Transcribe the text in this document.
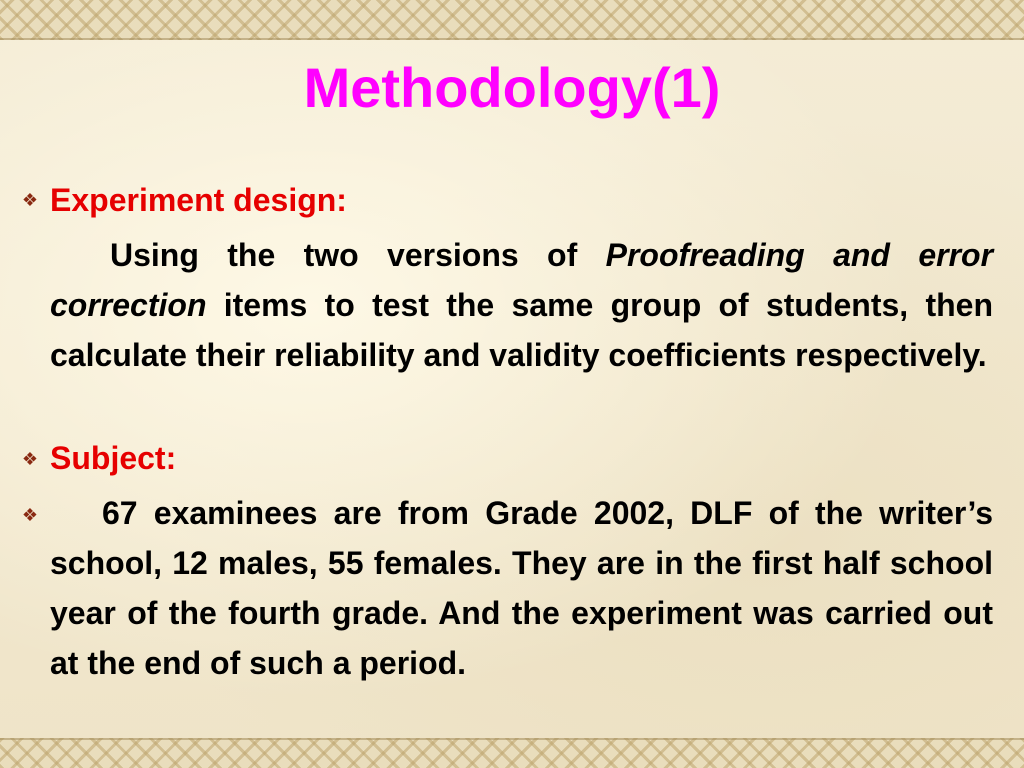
Methodology(1)
❖ Experiment design:

Using the two versions of Proofreading and error correction items to test the same group of students, then calculate their reliability and validity coefficients respectively.

❖ Subject:
❖	67 examinees are from Grade 2002, DLF of the writer’s school, 12 males, 55 females. They are in the first half school year of the fourth grade. And the experiment was carried out at the end of such a period.
